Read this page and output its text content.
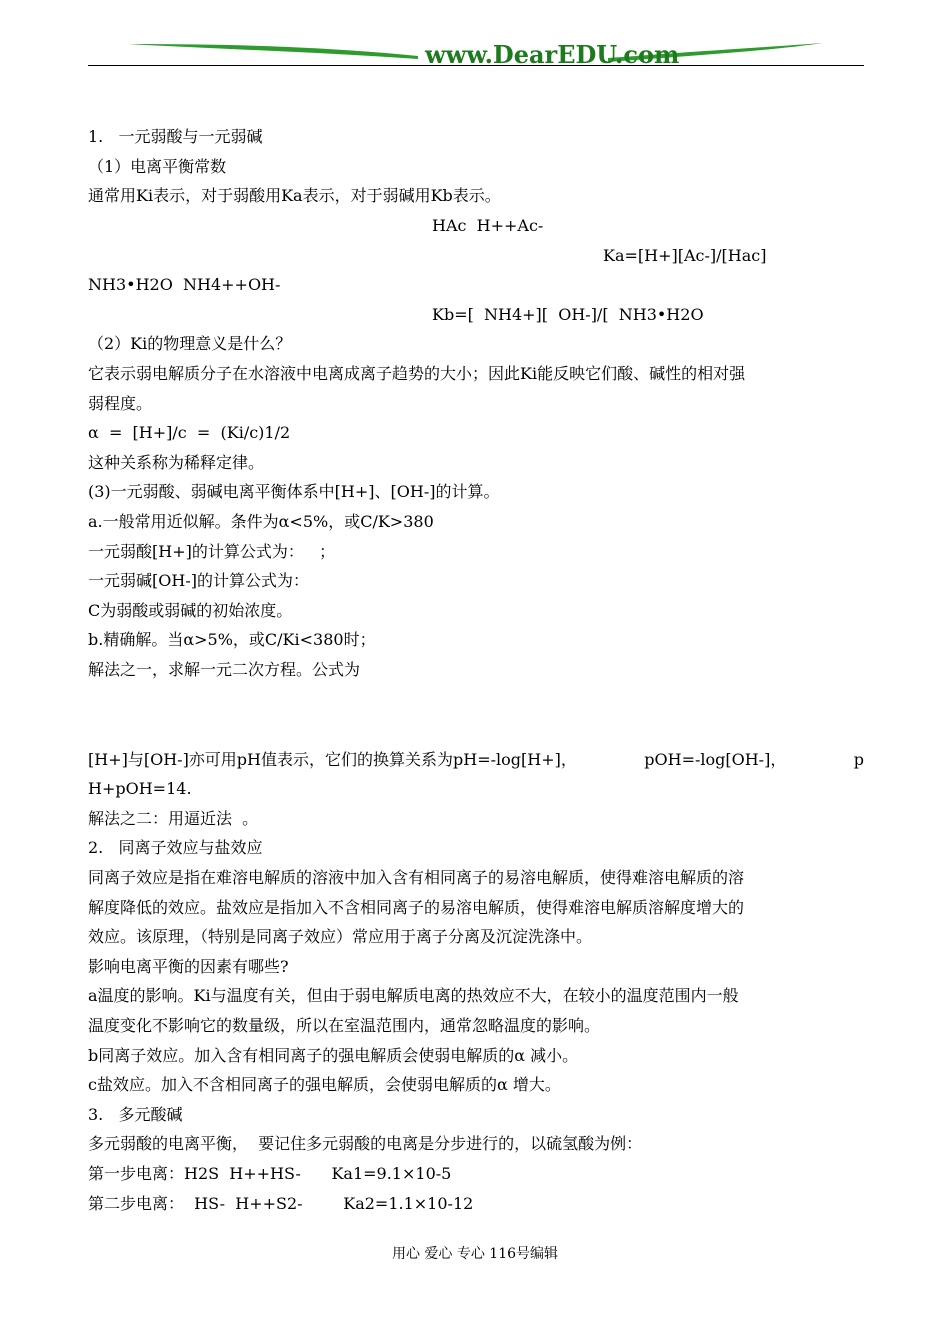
www.DearEDU.com
1.   一元弱酸与一元弱碱
（1）电离平衡常数
通常用Ki表示，对于弱酸用Ka表示，对于弱碱用Kb表示。
HAc  H++Ac-
Ka=[H+][Ac-]/[Hac]
NH3•H2O  NH4++OH-
Kb=[  NH4+][  OH-]/[  NH3•H2O
（2）Ki的物理意义是什么？
它表示弱电解质分子在水溶液中电离成离子趋势的大小；因此Ki能反映它们酸、碱性的相对强
弱程度。
α  =  [H+]/c  =  (Ki/c)1/2
这种关系称为稀释定律。
(3)一元弱酸、弱碱电离平衡体系中[H+]、[OH-]的计算。
a.一般常用近似解。条件为α<5%，或C/K>380
一元弱酸[H+]的计算公式为：   ；
一元弱碱[OH-]的计算公式为：
C为弱酸或弱碱的初始浓度。
b.精确解。当α>5%，或C/Ki<380时；
解法之一，求解一元二次方程。公式为
[H+]与[OH-]亦可用pH值表示，它们的换算关系为pH=-log[H+]，	pOH=-log[OH-]，	p
H+pOH=14.
解法之二：用逼近法  。
2.   同离子效应与盐效应
同离子效应是指在难溶电解质的溶液中加入含有相同离子的易溶电解质，使得难溶电解质的溶
解度降低的效应。盐效应是指加入不含相同离子的易溶电解质，使得难溶电解质溶解度增大的
效应。该原理，（特别是同离子效应）常应用于离子分离及沉淀洗涤中。
影响电离平衡的因素有哪些?
a温度的影响。Ki与温度有关，但由于弱电解质电离的热效应不大，在较小的温度范围内一般
温度变化不影响它的数量级，所以在室温范围内，通常忽略温度的影响。
b同离子效应。加入含有相同离子的强电解质会使弱电解质的α 减小。
c盐效应。加入不含相同离子的强电解质，会使弱电解质的α 增大。
3.   多元酸碱
多元弱酸的电离平衡，  要记住多元弱酸的电离是分步进行的，以硫氢酸为例：
第一步电离：H2S  H++HS-      Ka1=9.1×10-5
第二步电离：  HS-  H++S2-        Ka2=1.1×10-12
用心 爱心 专心 116号编辑
